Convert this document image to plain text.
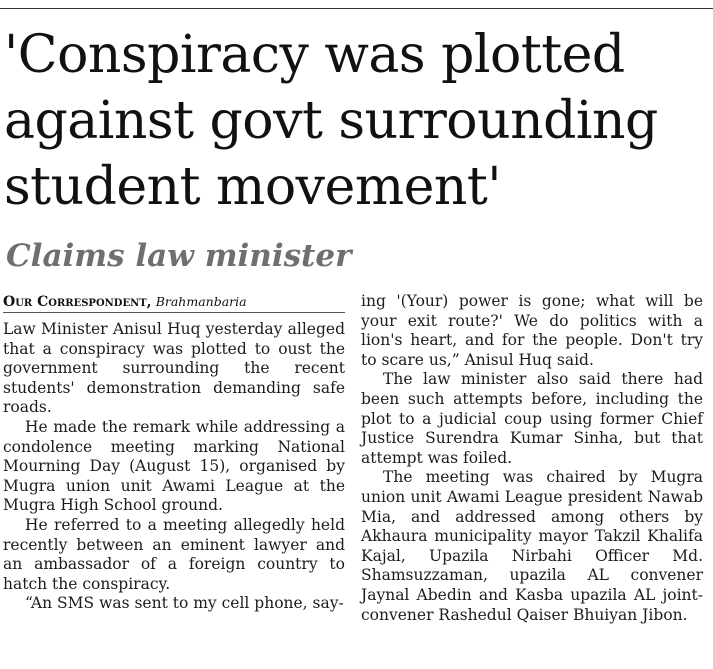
'Conspiracy was plotted
against govt surrounding
student movement'
Claims law minister
Our Correspondent, Brahmanbaria

Law Minister Anisul Huq yesterday alleged that a conspiracy was plotted to oust the government surrounding the recent students' demonstration demanding safe roads.

He made the remark while addressing a condolence meeting marking National Mourning Day (August 15), organised by Mugra union unit Awami League at the Mugra High School ground.

He referred to a meeting allegedly held recently between an eminent lawyer and an ambassador of a foreign country to hatch the conspiracy.

“An SMS was sent to my cell phone, say-

ing '(Your) power is gone; what will be your exit route?' We do politics with a lion's heart, and for the people. Don't try to scare us,” Anisul Huq said.

The law minister also said there had been such attempts before, including the plot to a judicial coup using former Chief Justice Surendra Kumar Sinha, but that attempt was foiled.

The meeting was chaired by Mugra union unit Awami League president Nawab Mia, and addressed among others by Akhaura municipality mayor Takzil Khalifa Kajal, Upazila Nirbahi Officer Md. Shamsuzzaman, upazila AL convener Jaynal Abedin and Kasba upazila AL joint-convener Rashedul Qaiser Bhuiyan Jibon.
